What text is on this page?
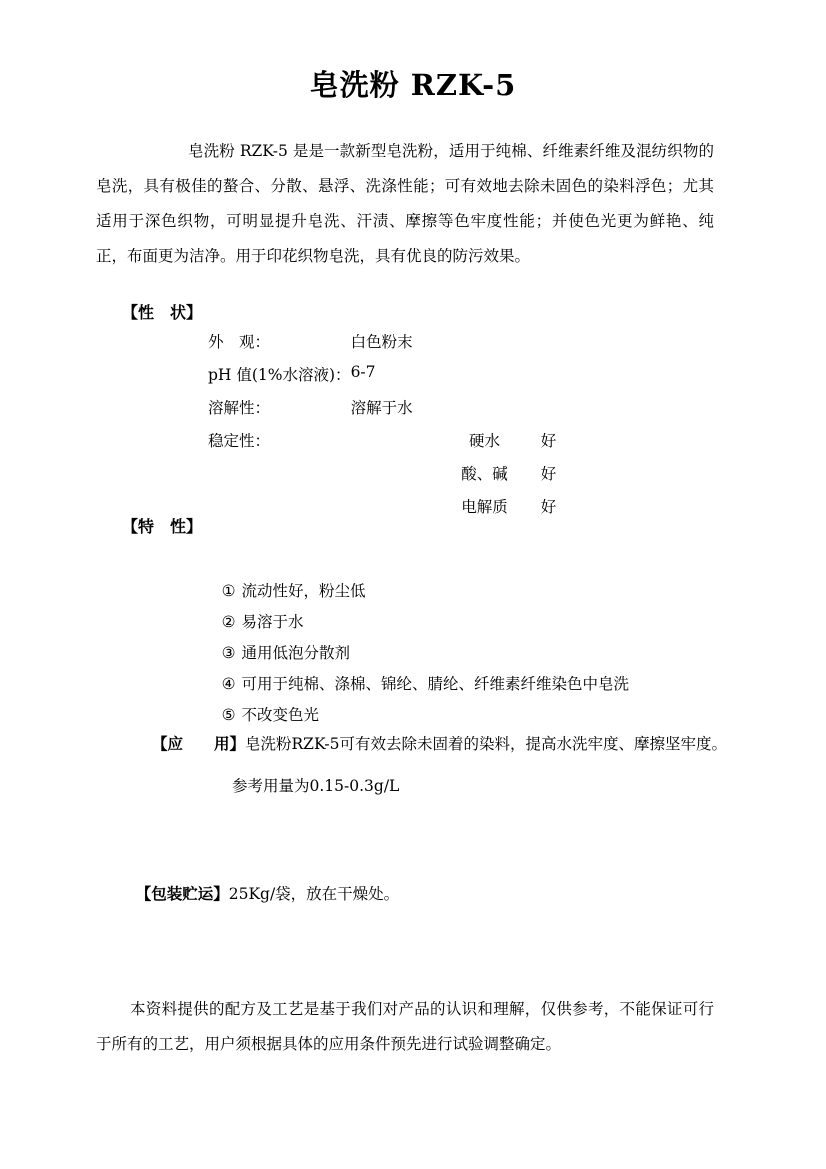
皂洗粉 RZK-5
皂洗粉 RZK-5 是是一款新型皂洗粉，适用于纯棉、纤维素纤维及混纺织物的皂洗，具有极佳的螯合、分散、悬浮、洗涤性能；可有效地去除未固色的染料浮色；尤其适用于深色织物，可明显提升皂洗、汗渍、摩擦等色牢度性能；并使色光更为鲜艳、纯正，布面更为洁净。用于印花织物皂洗，具有优良的防污效果。
【性　状】
外　观：	白色粉末		
pH 值(1%水溶液)：	6-7		
溶解性：	溶解于水		
稳定性：		硬水	好
		酸、碱	好
		电解质	好
【特　性】

① 流动性好，粉尘低

② 易溶于水

③ 通用低泡分散剂

④ 可用于纯棉、涤棉、锦纶、腈纶、纤维素纤维染色中皂洗

⑤ 不改变色光

【应　　用】皂洗粉RZK-5可有效去除未固着的染料，提高水洗牢度、摩擦坚牢度。
参考用量为0.15-0.3g/L

【包装贮运】25Kg/袋，放在干燥处。

本资料提供的配方及工艺是基于我们对产品的认识和理解，仅供参考，不能保证可行于所有的工艺，用户须根据具体的应用条件预先进行试验调整确定。
